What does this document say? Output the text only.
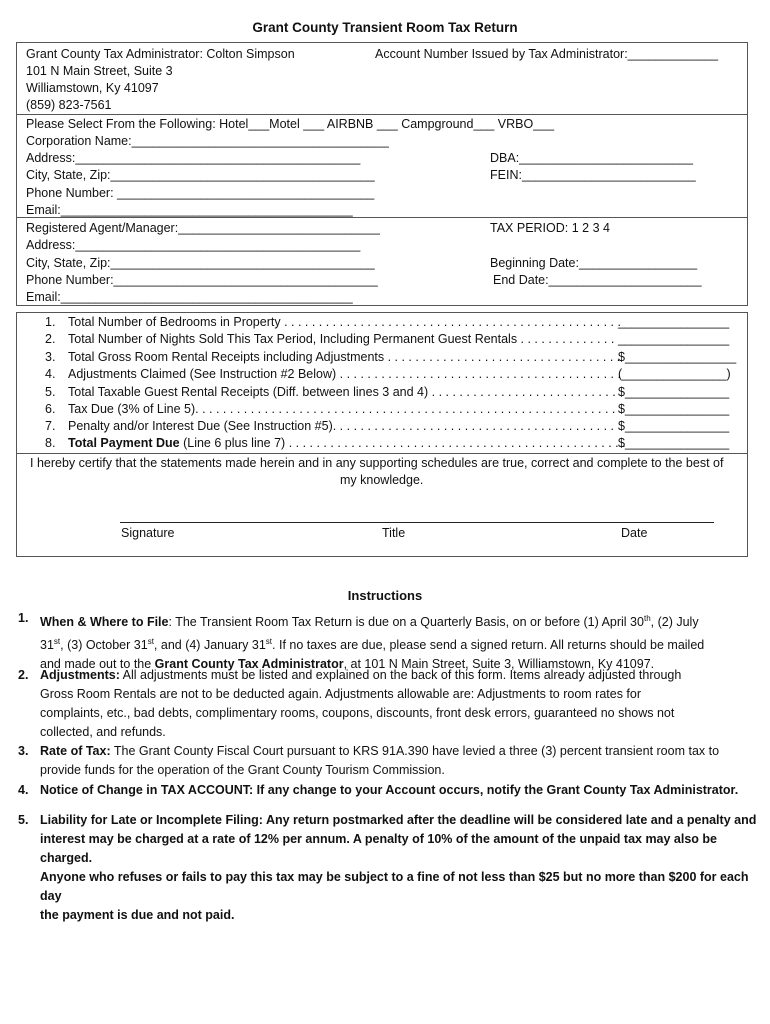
Grant County Transient Room Tax Return
Grant County Tax Administrator: Colton Simpson
101 N Main Street, Suite 3
Williamstown, Ky 41097
(859) 823-7561
Account Number Issued by Tax Administrator:_____________
Please Select From the Following: Hotel___Motel ___ AIRBNB ___ Campground___ VRBO___
Corporation Name:_____________________________________
Address:_________________________________________
City, State, Zip:______________________________________
Phone Number: _____________________________________
Email:__________________________________________
DBA:_________________________
FEIN:_________________________
Registered Agent/Manager:_____________________________
Address:_________________________________________
City, State, Zip:______________________________________
Phone Number:______________________________________
Email:__________________________________________
TAX PERIOD: 1 2 3 4
Beginning Date:_________________
End Date:______________________
1. Total Number of Bedrooms in Property . . . . . . . . . . . . . . . . . . . . . . . . . . . . . . . . . . . . . . . . . . . . . . . . .
________________
2. Total Number of Nights Sold This Tax Period, Including Permanent Guest Rentals . . . . . . . . . . . . . . ________________
3. Total Gross Room Rental Receipts including Adjustments . . . . . . . . . . . . . . . . . . . . . . . . . . . . . . . . . .
$________________
4. Adjustments Claimed (See Instruction #2 Below) . . . . . . . . . . . . . . . . . . . . . . . . . . . . . . . . . . . . . . . . .
(_______________)
5. Total Taxable Guest Rental Receipts (Diff. between lines 3 and 4) . . . . . . . . . . . . . . . . . . . . . . . . . . . $_______________
6. Tax Due (3% of Line 5). . . . . . . . . . . . . . . . . . . . . . . . . . . . . . . . . . . . . . . . . . . . . . . . . . . . . . . . . . . . . $_______________
7. Penalty and/or Interest Due (See Instruction #5). . . . . . . . . . . . . . . . . . . . . . . . . . . . . . . . . . . . . . . . . $_______________
8. Total Payment Due (Line 6 plus line 7) . . . . . . . . . . . . . . . . . . . . . . . . . . . . . . . . . . . . . . . . . . . . . . . . .
$_______________
I hereby certify that the statements made herein and in any supporting schedules are true, correct and complete to the best of
my knowledge.
Signature	Title	Date
Instructions
1. When & Where to File: The Transient Room Tax Return is due on a Quarterly Basis, on or before (1) April 30th, (2) July
31st, (3) October 31st, and (4) January 31st. If no taxes are due, please send a signed return. All returns should be mailed
and made out to the Grant County Tax Administrator, at 101 N Main Street, Suite 3, Williamstown, Ky 41097.
2. Adjustments: All adjustments must be listed and explained on the back of this form. Items already adjusted through
Gross Room Rentals are not to be deducted again. Adjustments allowable are: Adjustments to room rates for
complaints, etc., bad debts, complimentary rooms, coupons, discounts, front desk errors, guaranteed no shows not
collected, and refunds.
3. Rate of Tax: The Grant County Fiscal Court pursuant to KRS 91A.390 have levied a three (3) percent transient room tax to
provide funds for the operation of the Grant County Tourism Commission.
4. Notice of Change in TAX ACCOUNT: If any change to your Account occurs, notify the Grant County Tax Administrator.
5. Liability for Late or Incomplete Filing: Any return postmarked after the deadline will be considered late and a penalty and
interest may be charged at a rate of 12% per annum. A penalty of 10% of the amount of the unpaid tax may also be charged.
Anyone who refuses or fails to pay this tax may be subject to a fine of not less than $25 but no more than $200 for each day
the payment is due and not paid.
